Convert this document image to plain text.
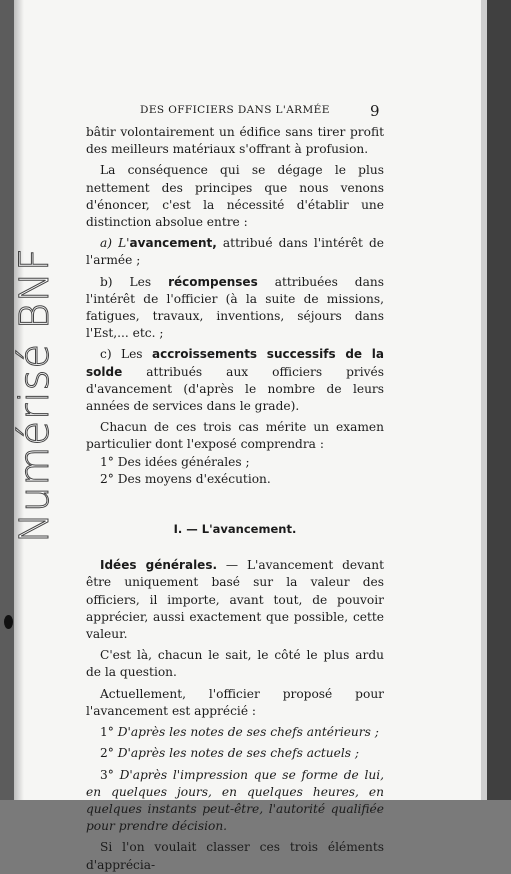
Numérisé BNF
DES OFFICIERS DANS L'ARMÉE	9

bâtir volontairement un édifice sans tirer profit des meilleurs matériaux s'offrant à profusion.

La conséquence qui se dégage le plus nettement des principes que nous venons d'énoncer, c'est la nécessité d'établir une distinction absolue entre :

a) L'avancement, attribué dans l'intérêt de l'armée ;

b) Les récompenses attribuées dans l'intérêt de l'officier (à la suite de missions, fatigues, travaux, inventions, séjours dans l'Est,... etc. ;

c) Les accroissements successifs de la solde attribués aux officiers privés d'avancement (d'après le nombre de leurs années de services dans le grade).

Chacun de ces trois cas mérite un examen particulier dont l'exposé comprendra :

1° Des idées générales ;

2° Des moyens d'exécution.

I. — L'avancement.

Idées générales. — L'avancement devant être uniquement basé sur la valeur des officiers, il importe, avant tout, de pouvoir apprécier, aussi exactement que possible, cette valeur.

C'est là, chacun le sait, le côté le plus ardu de la question.

Actuellement, l'officier proposé pour l'avancement est apprécié :

1° D'après les notes de ses chefs antérieurs ;

2° D'après les notes de ses chefs actuels ;

3° D'après l'impression que se forme de lui, en quelques jours, en quelques heures, en quelques instants peut-être, l'autorité qualifiée pour prendre décision.

Si l'on voulait classer ces trois éléments d'apprécia-
